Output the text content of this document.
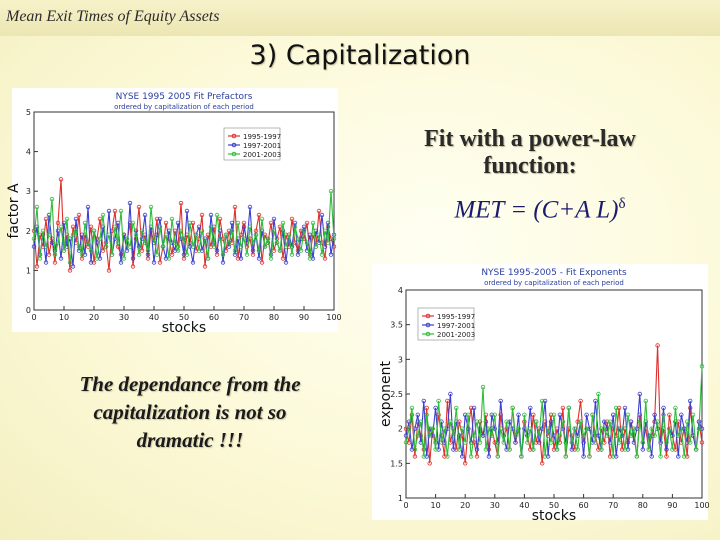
Mean Exit Times of Equity Assets
3) Capitalization
Fit with a power-law function:
MET = (C+A L)$^\delta$
The dependance from the capitalization is not so dramatic !!!
NYSE 1995 2005 Fit Prefactors
ordered by capitalization of each period
0	10 20 30 40 50 60 70 80 90 100
0
1
2
3
4
5
stocks
factor A
1995-1997
1997-2001
2001-2003
NYSE 1995-2005 - Fit Exponents
ordered by capitalization of each period
0	10 20 30 40 50 60 70 80 90 100
1
1.5
2
2.5
3
3.5
4
stocks
exponent
1995-1997
1997-2001
2001-2003
